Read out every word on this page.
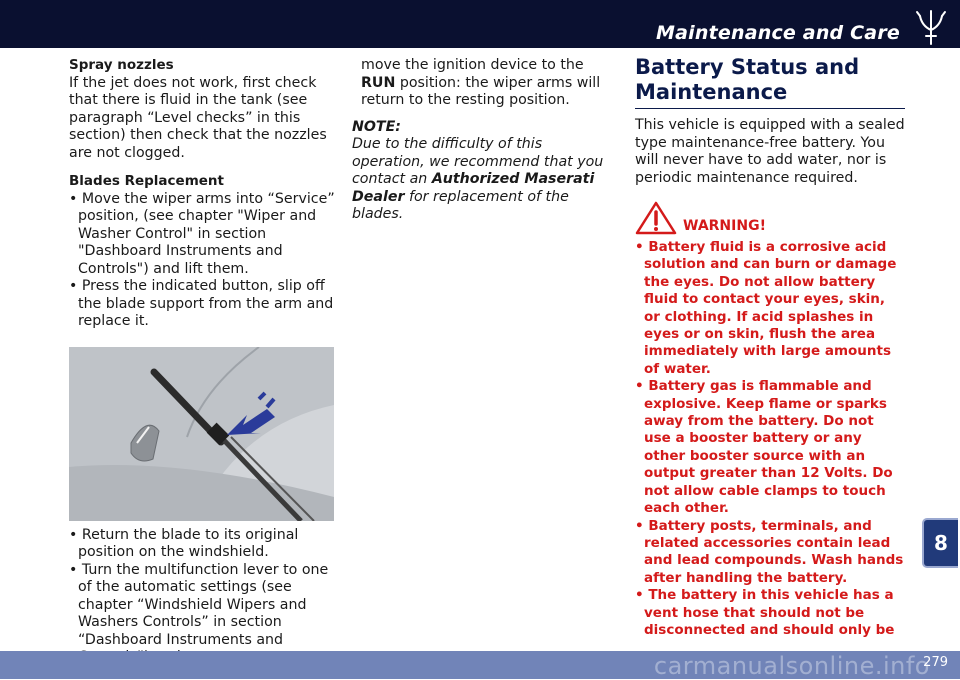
Maintenance and Care

Spray nozzles

If the jet does not work, first check that there is fluid in the tank (see paragraph “Level checks” in this section) then check that the nozzles are not clogged.

Blades Replacement

• Move the wiper arms into “Service” position, (see chapter "Wiper and Washer Control" in section "Dashboard Instruments and Controls") and lift them.

• Press the indicated button, slip off the blade support from the arm and replace it.

• Return the blade to its original position on the windshield.

• Turn the multifunction lever to one of the automatic settings (see chapter “Windshield Wipers and Washers Controls” in section “Dashboard Instruments and

move the ignition device to the RUN position: the wiper arms will return to the resting position.

NOTE:

Due to the difficulty of this operation, we recommend that you contact an Authorized Maserati Dealer for replacement of the blades.

Battery Status and Maintenance

This vehicle is equipped with a sealed type maintenance-free battery. You will never have to add water, nor is periodic maintenance required.

WARNING!

• Battery fluid is a corrosive acid solution and can burn or damage the eyes. Do not allow battery fluid to contact your eyes, skin, or clothing. If acid splashes in eyes or on skin, flush the area immediately with large amounts of water.

• Battery gas is flammable and explosive. Keep flame or sparks away from the battery. Do not use a booster battery or any other booster source with an output greater than 12 Volts. Do not allow cable clamps to touch each other.

• Battery posts, terminals, and related accessories contain lead and lead compounds. Wash hands after handling the battery.

• The battery in this vehicle has a vent hose that should not be disconnected and should only be

8
279
carmanualsonline.info
